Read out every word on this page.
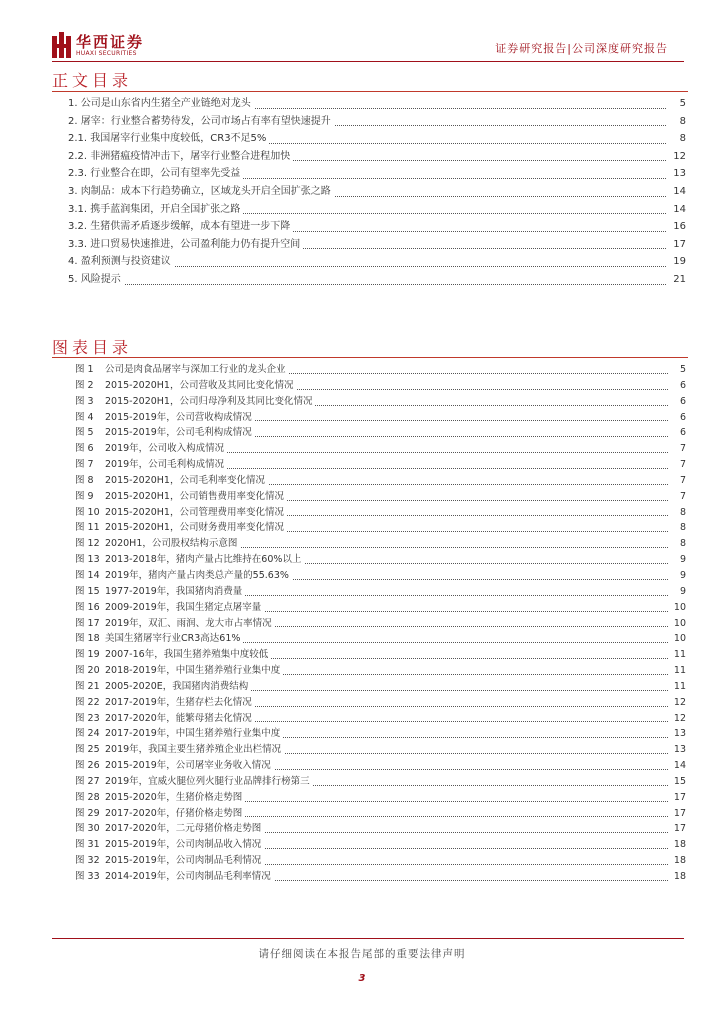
华西证券
HUAXI SECURITIES	证券研究报告|公司深度研究报告
正文目录
1. 公司是山东省内生猪全产业链绝对龙头	5
2. 屠宰：行业整合蓄势待发，公司市场占有率有望快速提升	8
2.1. 我国屠宰行业集中度较低，CR3不足5%	8
2.2. 非洲猪瘟疫情冲击下，屠宰行业整合进程加快	12
2.3. 行业整合在即，公司有望率先受益	13
3. 肉制品：成本下行趋势确立，区域龙头开启全国扩张之路	14
3.1. 携手蓝润集团，开启全国扩张之路	14
3.2. 生猪供需矛盾逐步缓解，成本有望进一步下降	16
3.3. 进口贸易快速推进，公司盈利能力仍有提升空间	17
4. 盈利预测与投资建议	19
5. 风险提示	21
图表目录
图 1 公司是肉食品屠宰与深加工行业的龙头企业	5
图 2 2015-2020H1，公司营收及其同比变化情况	6
图 3 2015-2020H1，公司归母净利及其同比变化情况	6
图 4 2015-2019年，公司营收构成情况	6
图 5 2015-2019年，公司毛利构成情况	6
图 6 2019年，公司收入构成情况	7
图 7 2019年，公司毛利构成情况	7
图 8 2015-2020H1，公司毛利率变化情况	7
图 9 2015-2020H1，公司销售费用率变化情况	7
图 10 2015-2020H1，公司管理费用率变化情况	8
图 11 2015-2020H1，公司财务费用率变化情况	8
图 12 2020H1，公司股权结构示意图	8
图 13 2013-2018年，猪肉产量占比维持在60%以上	9
图 14 2019年，猪肉产量占肉类总产量的55.63%	9
图 15 1977-2019年，我国猪肉消费量	9
图 16 2009-2019年，我国生猪定点屠宰量	10
图 17 2019年，双汇、雨润、龙大市占率情况	10
图 18 美国生猪屠宰行业CR3高达61%	10
图 19 2007-16年，我国生猪养殖集中度较低	11
图 20 2018-2019年，中国生猪养殖行业集中度	11
图 21 2005-2020E，我国猪肉消费结构	11
图 22 2017-2019年，生猪存栏去化情况	12
图 23 2017-2020年，能繁母猪去化情况	12
图 24 2017-2019年，中国生猪养殖行业集中度	13
图 25 2019年，我国主要生猪养殖企业出栏情况	13
图 26 2015-2019年，公司屠宰业务收入情况	14
图 27 2019年，宜威火腿位列火腿行业品牌排行榜第三	15
图 28 2015-2020年，生猪价格走势图	17
图 29 2017-2020年，仔猪价格走势图	17
图 30 2017-2020年，二元母猪价格走势图	17
图 31 2015-2019年，公司肉制品收入情况	18
图 32 2015-2019年，公司肉制品毛利情况	18
图 33 2014-2019年，公司肉制品毛利率情况	18
请仔细阅读在本报告尾部的重要法律声明
3
